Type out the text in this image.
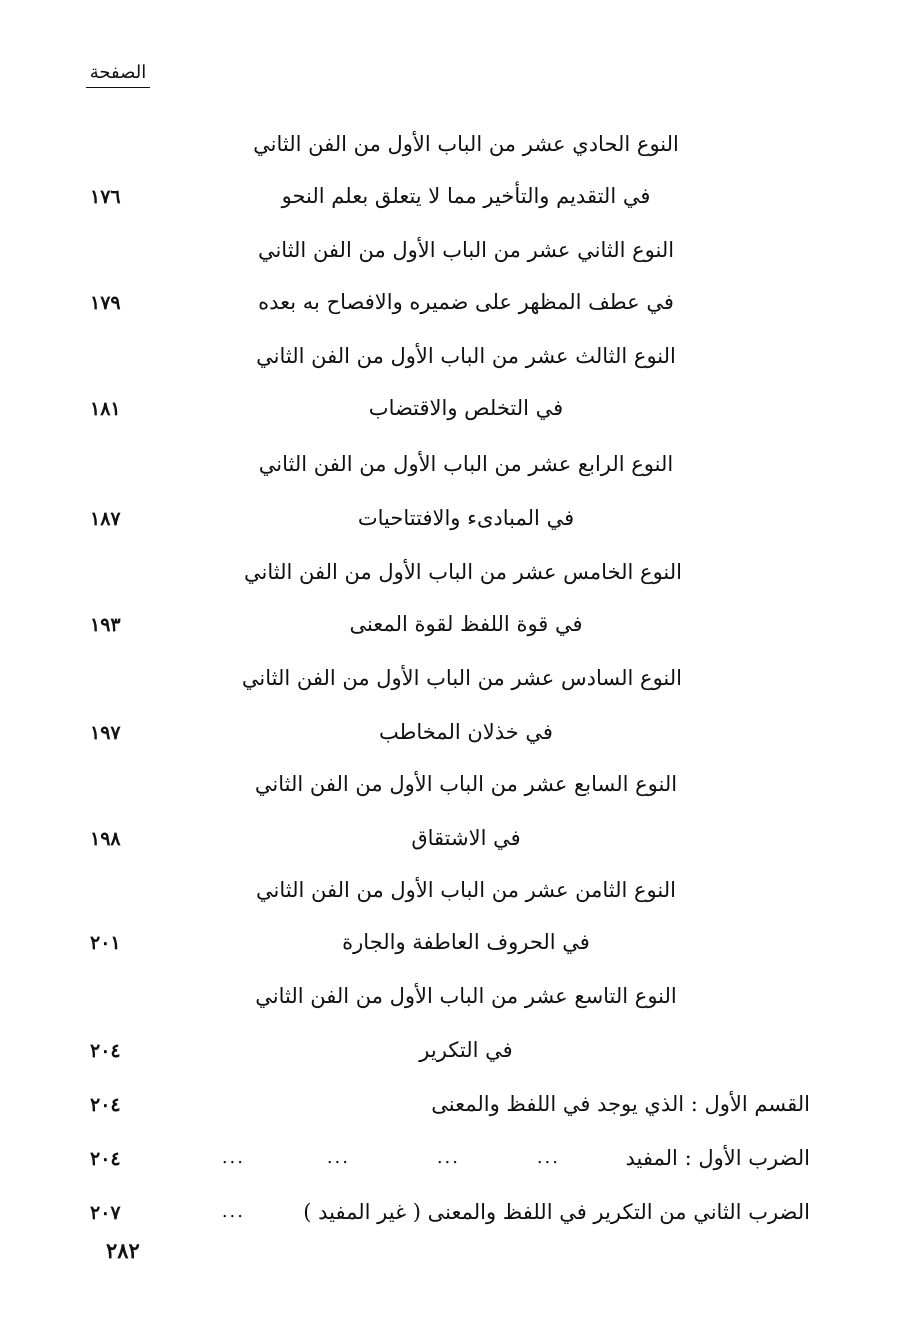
الصفحة
النوع الحادي عشر من الباب الأول من الفن الثاني
في التقديم والتأخير مما لا يتعلق بعلم النحو
١٧٦
النوع الثاني عشر من الباب الأول من الفن الثاني
في عطف المظهر على ضميره والافصاح به بعده
١٧٩
النوع الثالث عشر من الباب الأول من الفن الثاني
في التخلص والاقتضاب
١٨١
النوع الرابع عشر من الباب الأول من الفن الثاني
في المبادىء والافتتاحيات
١٨٧
النوع الخامس عشر من الباب الأول من الفن الثاني
في قوة اللفظ لقوة المعنى
١٩٣
النوع السادس عشر من الباب الأول من الفن الثاني
في خذلان المخاطب
١٩٧
النوع السابع عشر من الباب الأول من الفن الثاني
في الاشتقاق
١٩٨
النوع الثامن عشر من الباب الأول من الفن الثاني
في الحروف العاطفة والجارة
٢٠١
النوع التاسع عشر من الباب الأول من الفن الثاني
في التكرير
٢٠٤
القسم الأول : الذي يوجد في اللفظ والمعنى
٢٠٤
الضرب الأول : المفيد
...
...
...
...
٢٠٤
الضرب الثاني من التكرير في اللفظ والمعنى ( غير المفيد )
...
٢٠٧
٢٨٢
